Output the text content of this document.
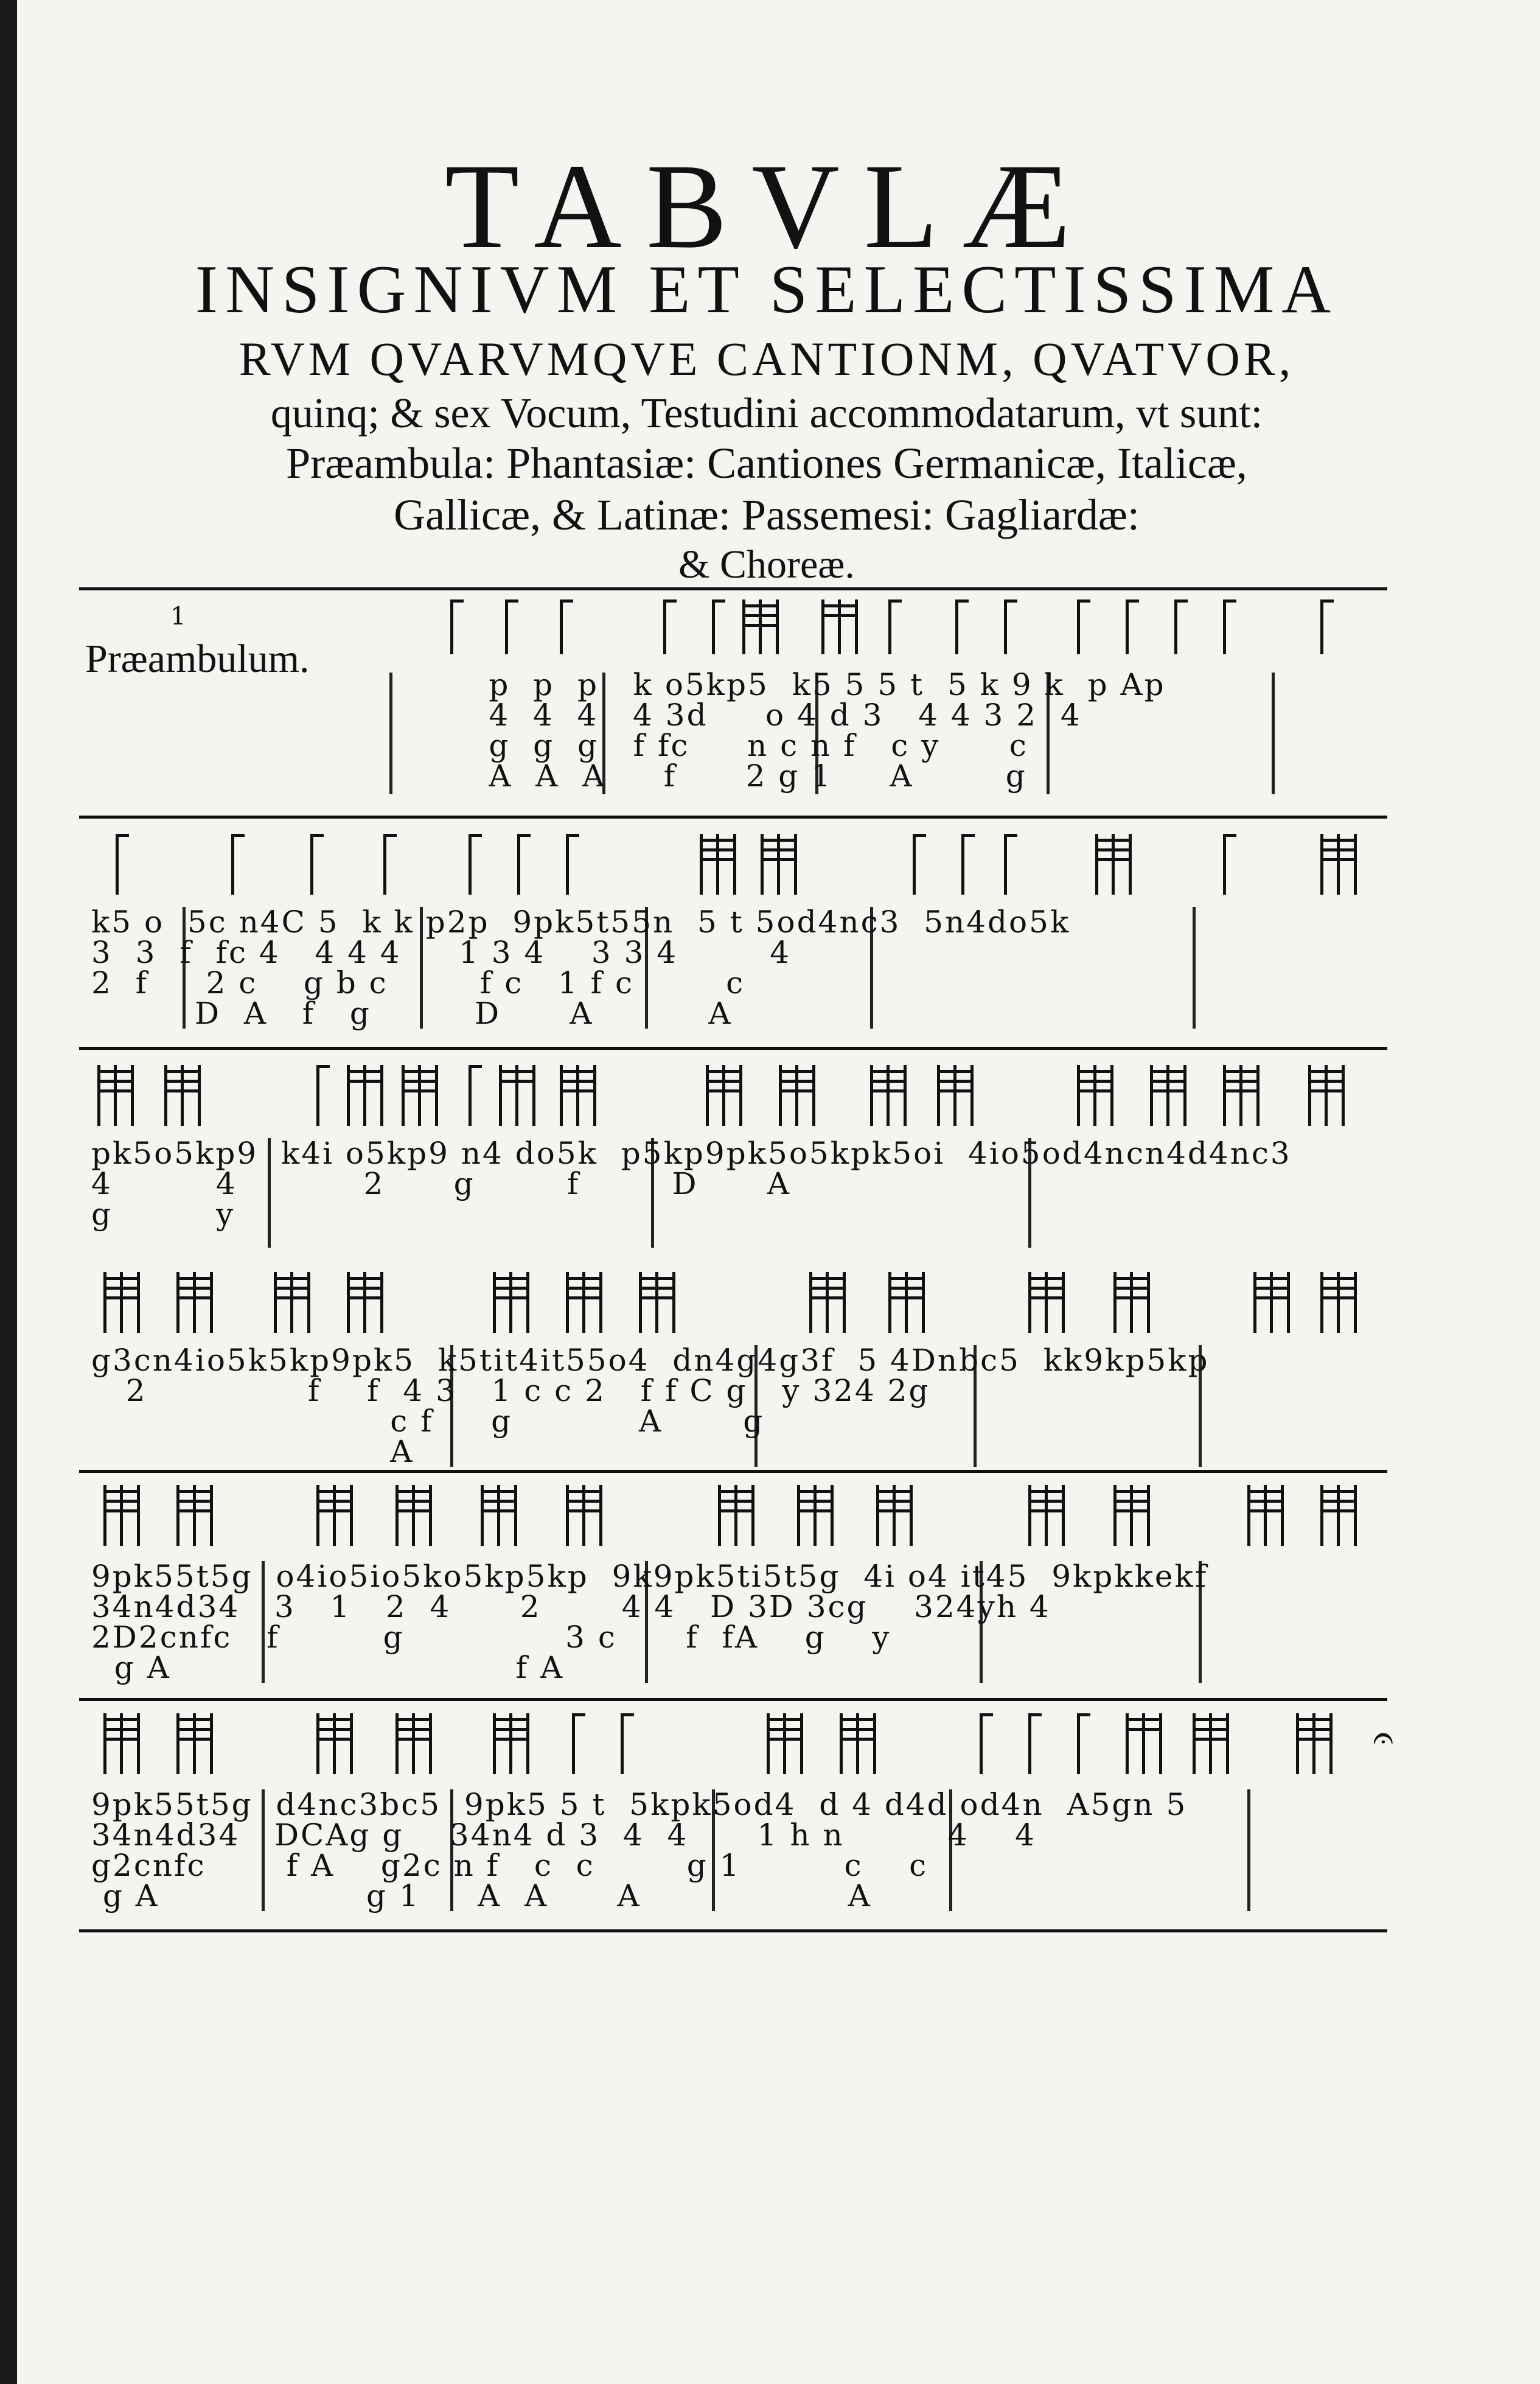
TABVLÆ
INSIGNIVM ET SELECTISSIMA
RVM QVARVMQVE CANTIONM, QVATVOR,
quinq; & sex Vocum, Testudini accommodatarum, vt sunt:
Præambula: Phantasiæ: Cantiones Germanicæ, Italicæ,
Gallicæ, & Latinæ: Passemesi: Gagliardæ:
& Choreæ.
1
Præambulum.
p  p  p   k o5kp5  k5 5 5 t  5 k 9 k  p Ap
4  4  4   4 3d     o 4 d 3   4 4 3 2  4
g  g  g   f fc     n c n f   c y      c
A  A  A     f      2 g 1     A        g
k5 o  5c n4C 5  k k p2p  9pk5t55n  5 t 5od4nc3  5n4do5k
3  3  f  fc 4   4 4 4     1 3 4    3 3 4        4
2  f     2 c    g b c        f c   1 f c        c
D  A   f   g         D      A          A
pk5o5kp9  k4i o5kp9 n4 do5k  p5kp9pk5o5kpk5oi  4io5od4ncn4d4nc3
4         4           2      g        f        D      A
g         y
g3cn4io5k5kp9pk5  k5tit4it55o4  dn4g4g3f  5 4Dnbc5  kk9kp5kp
2              f    f  4 3   1 c c 2   f f C g   y 324 2g
c f     g           A       g
A
9pk55t5g  o4io5io5ko5kp5kp  9k9pk5ti5t5g  4i o4 it45  9kpkkekf
34n4d34   3   1   2  4      2       4 4   D 3D 3cg    324yh 4
2D2cnfc   f         g              3 c      f  fA    g    y
g A                              f A
𝄐
9pk55t5g  d4nc3bc5  9pk5 5 t  5kpk5od4  d 4 d4d od4n  A5gn 5
34n4d34   DCAg g    34n4 d 3  4  4      1 h n         4    4
g2cnfc       f A    g2c n f   c  c        g 1         c    c
g A                  g 1     A  A      A                  A
